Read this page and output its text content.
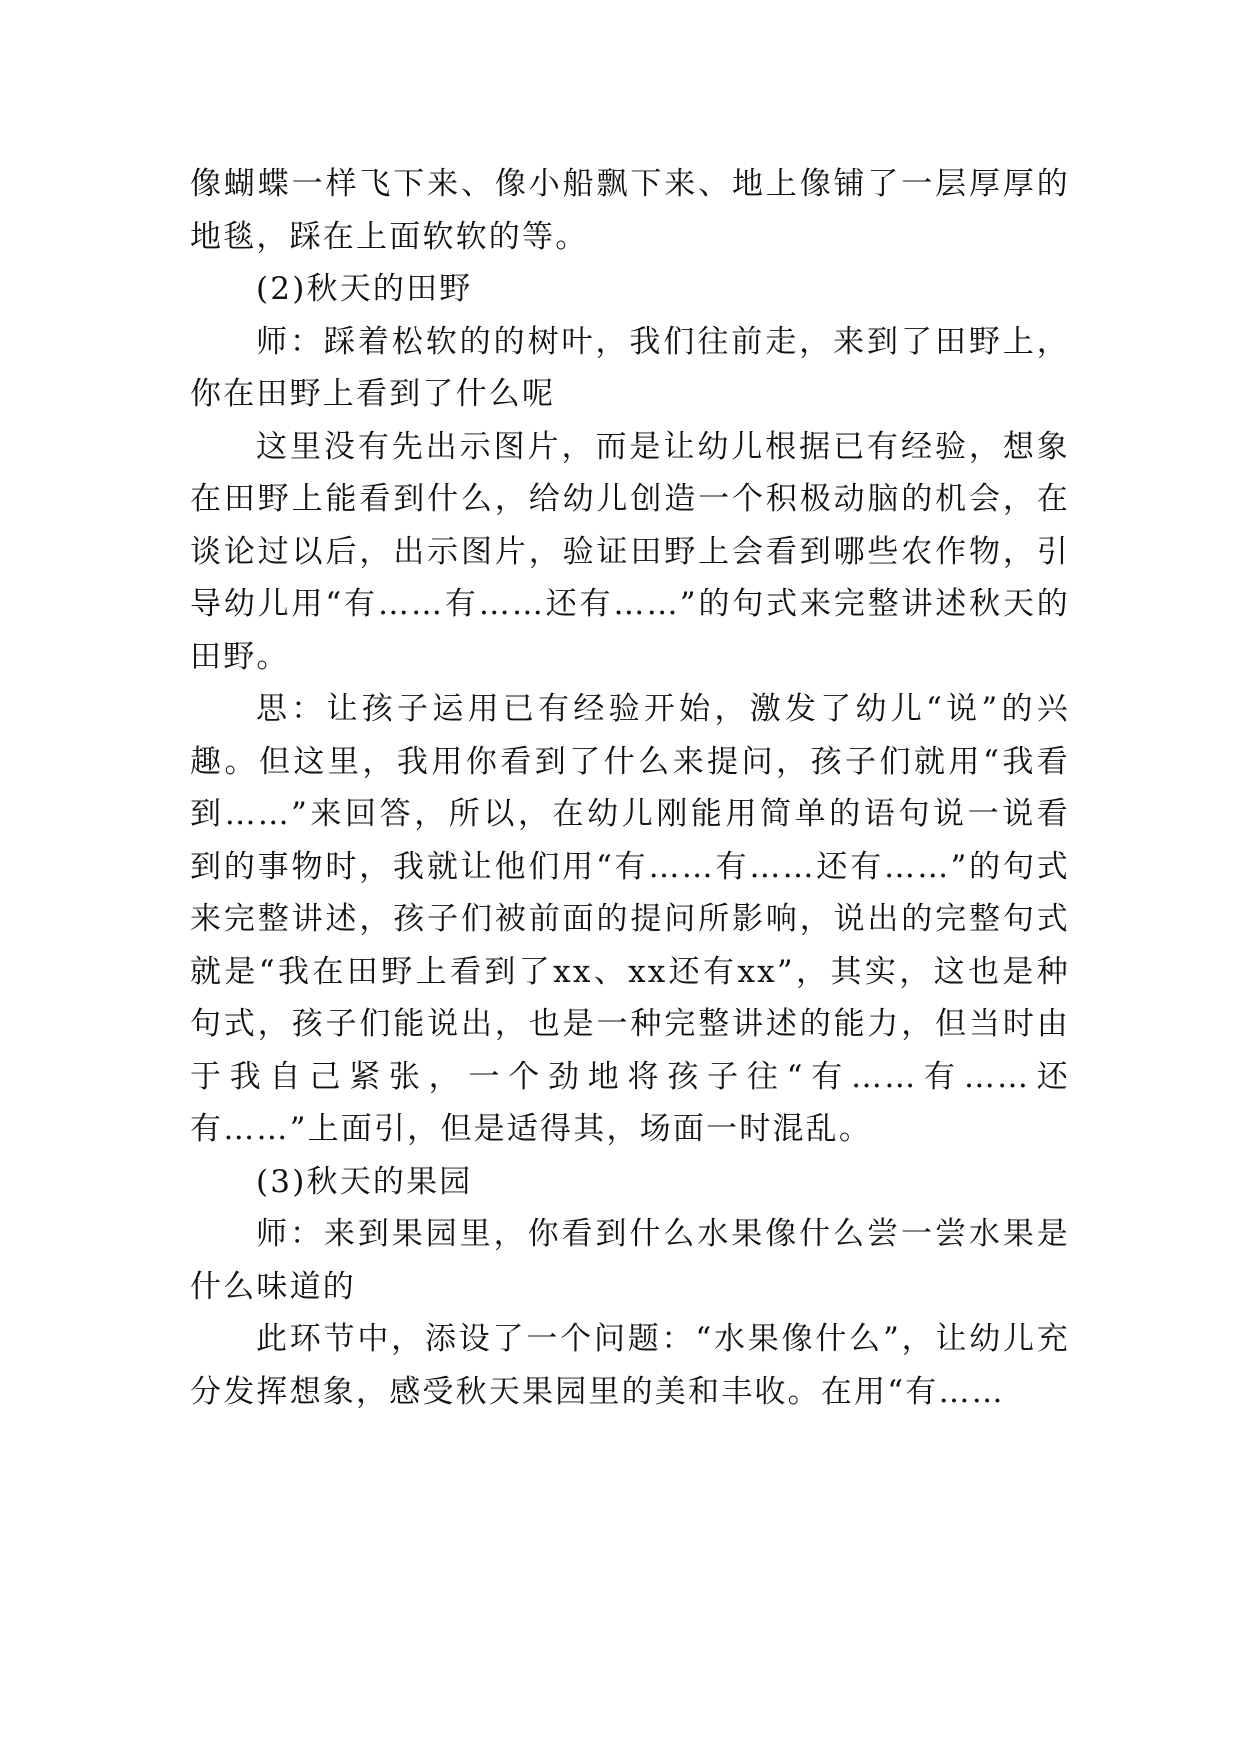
像蝴蝶一样飞下来、像小船飘下来、地上像铺了一层厚厚的地毯，踩在上面软软的等。

(2)秋天的田野

师：踩着松软的的树叶，我们往前走，来到了田野上，你在田野上看到了什么呢

这里没有先出示图片，而是让幼儿根据已有经验，想象在田野上能看到什么，给幼儿创造一个积极动脑的机会，在谈论过以后，出示图片，验证田野上会看到哪些农作物，引导幼儿用“有……有……还有……”的句式来完整讲述秋天的田野。

思：让孩子运用已有经验开始，激发了幼儿“说”的兴趣。但这里，我用你看到了什么来提问，孩子们就用“我看到……”来回答，所以，在幼儿刚能用简单的语句说一说看到的事物时，我就让他们用“有……有……还有……”的句式来完整讲述，孩子们被前面的提问所影响，说出的完整句式就是“我在田野上看到了xx、xx还有xx”，其实，这也是种句式，孩子们能说出，也是一种完整讲述的能力，但当时由于我自己紧张，一个劲地将孩子往“有……有……还有……”上面引，但是适得其，场面一时混乱。

(3)秋天的果园

师：来到果园里，你看到什么水果像什么尝一尝水果是什么味道的

此环节中，添设了一个问题：“水果像什么”，让幼儿充分发挥想象，感受秋天果园里的美和丰收。在用“有……
